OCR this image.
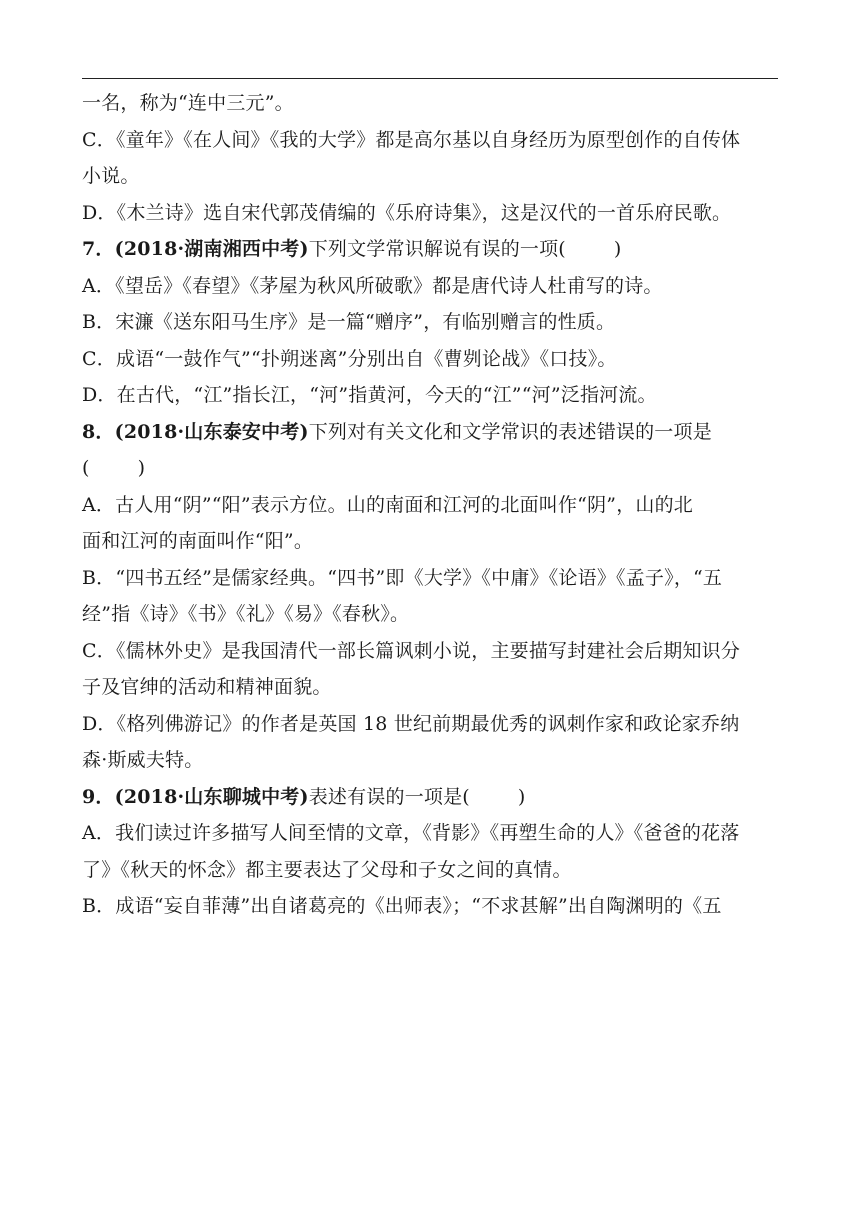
一名，称为“连中三元”。
C．《童年》《在人间》《我的大学》都是高尔基以自身经历为原型创作的自传体
小说。
D．《木兰诗》选自宋代郭茂倩编的《乐府诗集》，这是汉代的一首乐府民歌。
7．(2018·湖南湘西中考)下列文学常识解说有误的一项(	)
A．《望岳》《春望》《茅屋为秋风所破歌》都是唐代诗人杜甫写的诗。
B．宋濂《送东阳马生序》是一篇“赠序”，有临别赠言的性质。
C．成语“一鼓作气”“扑朔迷离”分别出自《曹刿论战》《口技》。
D．在古代，“江”指长江，“河”指黄河，今天的“江”“河”泛指河流。
8．(2018·山东泰安中考)下列对有关文化和文学常识的表述错误的一项是
(	)
A．古人用“阴”“阳”表示方位。山的南面和江河的北面叫作“阴”，山的北
面和江河的南面叫作“阳”。
B．“四书五经”是儒家经典。“四书”即《大学》《中庸》《论语》《孟子》，“五
经”指《诗》《书》《礼》《易》《春秋》。
C．《儒林外史》是我国清代一部长篇讽刺小说，主要描写封建社会后期知识分
子及官绅的活动和精神面貌。
D．《格列佛游记》的作者是英国 18 世纪前期最优秀的讽刺作家和政论家乔纳
森·斯威夫特。
9．(2018·山东聊城中考)表述有误的一项是(	)
A．我们读过许多描写人间至情的文章，《背影》《再塑生命的人》《爸爸的花落
了》《秋天的怀念》都主要表达了父母和子女之间的真情。
B．成语“妄自菲薄”出自诸葛亮的《出师表》；“不求甚解”出自陶渊明的《五
